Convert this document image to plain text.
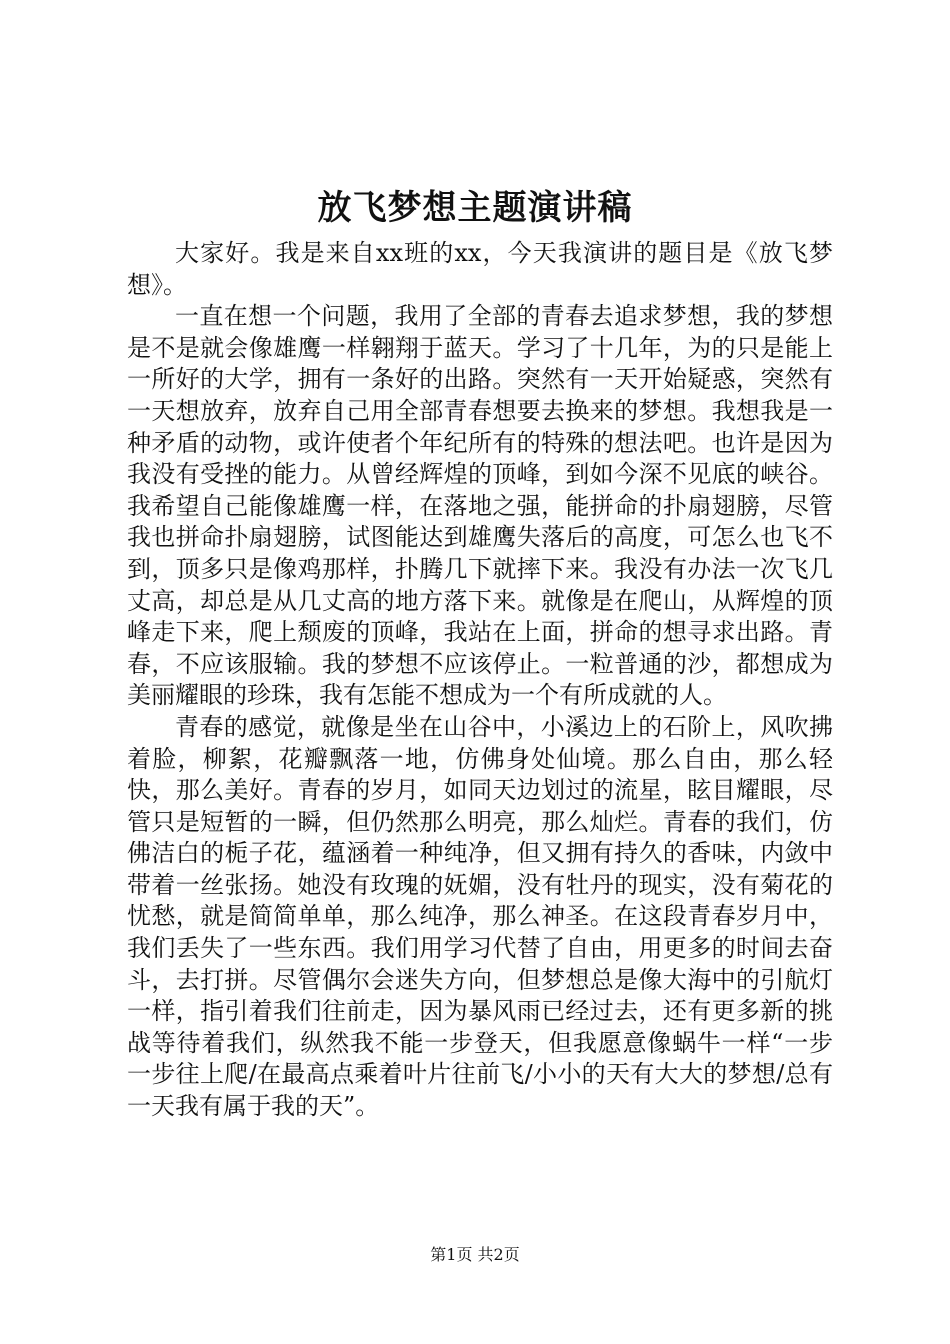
放飞梦想主题演讲稿

大家好。我是来自xx班的xx，今天我演讲的题目是《放飞梦想》。

一直在想一个问题，我用了全部的青春去追求梦想，我的梦想是不是就会像雄鹰一样翱翔于蓝天。学习了十几年，为的只是能上一所好的大学，拥有一条好的出路。突然有一天开始疑惑，突然有一天想放弃，放弃自己用全部青春想要去换来的梦想。我想我是一种矛盾的动物，或许使者个年纪所有的特殊的想法吧。也许是因为我没有受挫的能力。从曾经辉煌的顶峰，到如今深不见底的峡谷。我希望自己能像雄鹰一样，在落地之强，能拼命的扑扇翅膀，尽管我也拼命扑扇翅膀，试图能达到雄鹰失落后的高度，可怎么也飞不到，顶多只是像鸡那样，扑腾几下就摔下来。我没有办法一次飞几丈高，却总是从几丈高的地方落下来。就像是在爬山，从辉煌的顶峰走下来，爬上颓废的顶峰，我站在上面，拼命的想寻求出路。青春，不应该服输。我的梦想不应该停止。一粒普通的沙，都想成为美丽耀眼的珍珠，我有怎能不想成为一个有所成就的人。

青春的感觉，就像是坐在山谷中，小溪边上的石阶上，风吹拂着脸，柳絮，花瓣飘落一地，仿佛身处仙境。那么自由，那么轻快，那么美好。青春的岁月，如同天边划过的流星，眩目耀眼，尽管只是短暂的一瞬，但仍然那么明亮，那么灿烂。青春的我们，仿佛洁白的栀子花，蕴涵着一种纯净，但又拥有持久的香味，内敛中带着一丝张扬。她没有玫瑰的妩媚，没有牡丹的现实，没有菊花的忧愁，就是简简单单，那么纯净，那么神圣。在这段青春岁月中，我们丢失了一些东西。我们用学习代替了自由，用更多的时间去奋斗，去打拼。尽管偶尔会迷失方向，但梦想总是像大海中的引航灯一样，指引着我们往前走，因为暴风雨已经过去，还有更多新的挑战等待着我们，纵然我不能一步登天，但我愿意像蜗牛一样“一步一步往上爬/在最高点乘着叶片往前飞/小小的天有大大的梦想/总有一天我有属于我的天”。

第1页 共2页
